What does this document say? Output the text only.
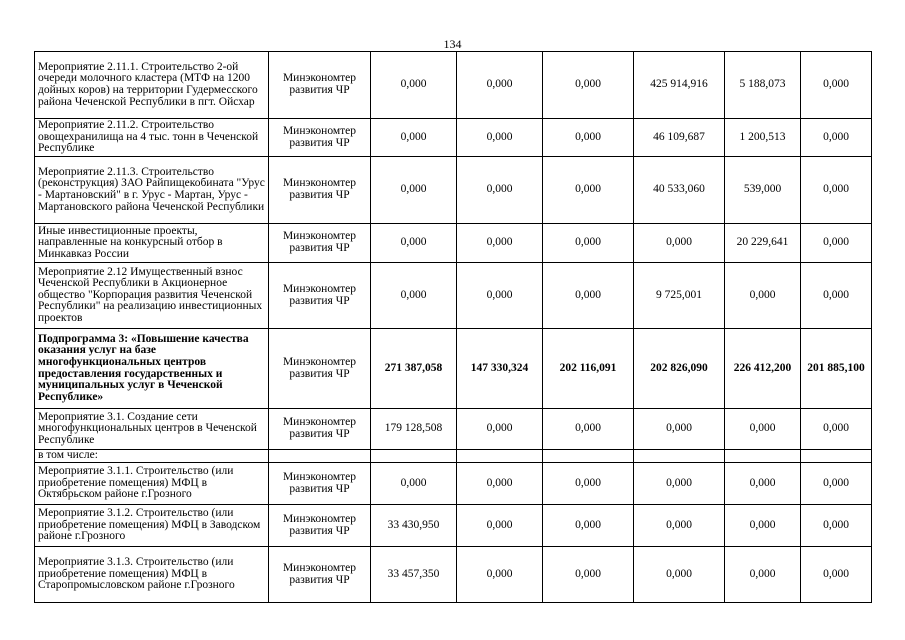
134
Мероприятие 2.11.1. Строительство 2-ой очереди молочного кластера (МТФ на 1200 дойных коров) на территории Гудермесского района Чеченской Республики в пгт. Ойсхар	Минэкономтер развития ЧР	0,000	0,000	0,000	425 914,916	5 188,073	0,000
Мероприятие 2.11.2. Строительство овощехранилища на 4 тыс. тонн в Чеченской Республике	Минэкономтер развития ЧР	0,000	0,000	0,000	46 109,687	1 200,513	0,000
Мероприятие 2.11.3. Строительство (реконструкция) ЗАО Райпищекобината "Урус - Мартановский" в г. Урус - Мартан, Урус - Мартановского района Чеченской Республики	Минэкономтер развития ЧР	0,000	0,000	0,000	40 533,060	539,000	0,000
Иные инвестиционные проекты, направленные на конкурсный отбор в Минкавказ России	Минэкономтер развития ЧР	0,000	0,000	0,000	0,000	20 229,641	0,000
Мероприятие 2.12 Имущественный взнос Чеченской Республики в Акционерное общество "Корпорация развития Чеченской Республики" на реализацию инвестиционных проектов	Минэкономтер развития ЧР	0,000	0,000	0,000	9 725,001	0,000	0,000
Подпрограмма 3: «Повышение качества оказания услуг на базе многофункциональных центров предоставления государственных и муниципальных услуг в Чеченской Республике»	Минэкономтер развития ЧР	271 387,058	147 330,324	202 116,091	202 826,090	226 412,200	201 885,100
Мероприятие 3.1. Создание сети многофункциональных центров в Чеченской Республике	Минэкономтер развития ЧР	179 128,508	0,000	0,000	0,000	0,000	0,000
в том числе:							
Мероприятие 3.1.1. Строительство (или приобретение помещения) МФЦ в Октябрьском районе г.Грозного	Минэкономтер развития ЧР	0,000	0,000	0,000	0,000	0,000	0,000
Мероприятие 3.1.2. Строительство (или приобретение помещения) МФЦ в Заводском районе г.Грозного	Минэкономтер развития ЧР	33 430,950	0,000	0,000	0,000	0,000	0,000
Мероприятие 3.1.3. Строительство (или приобретение помещения) МФЦ в Старопромысловском районе г.Грозного	Минэкономтер развития ЧР	33 457,350	0,000	0,000	0,000	0,000	0,000
